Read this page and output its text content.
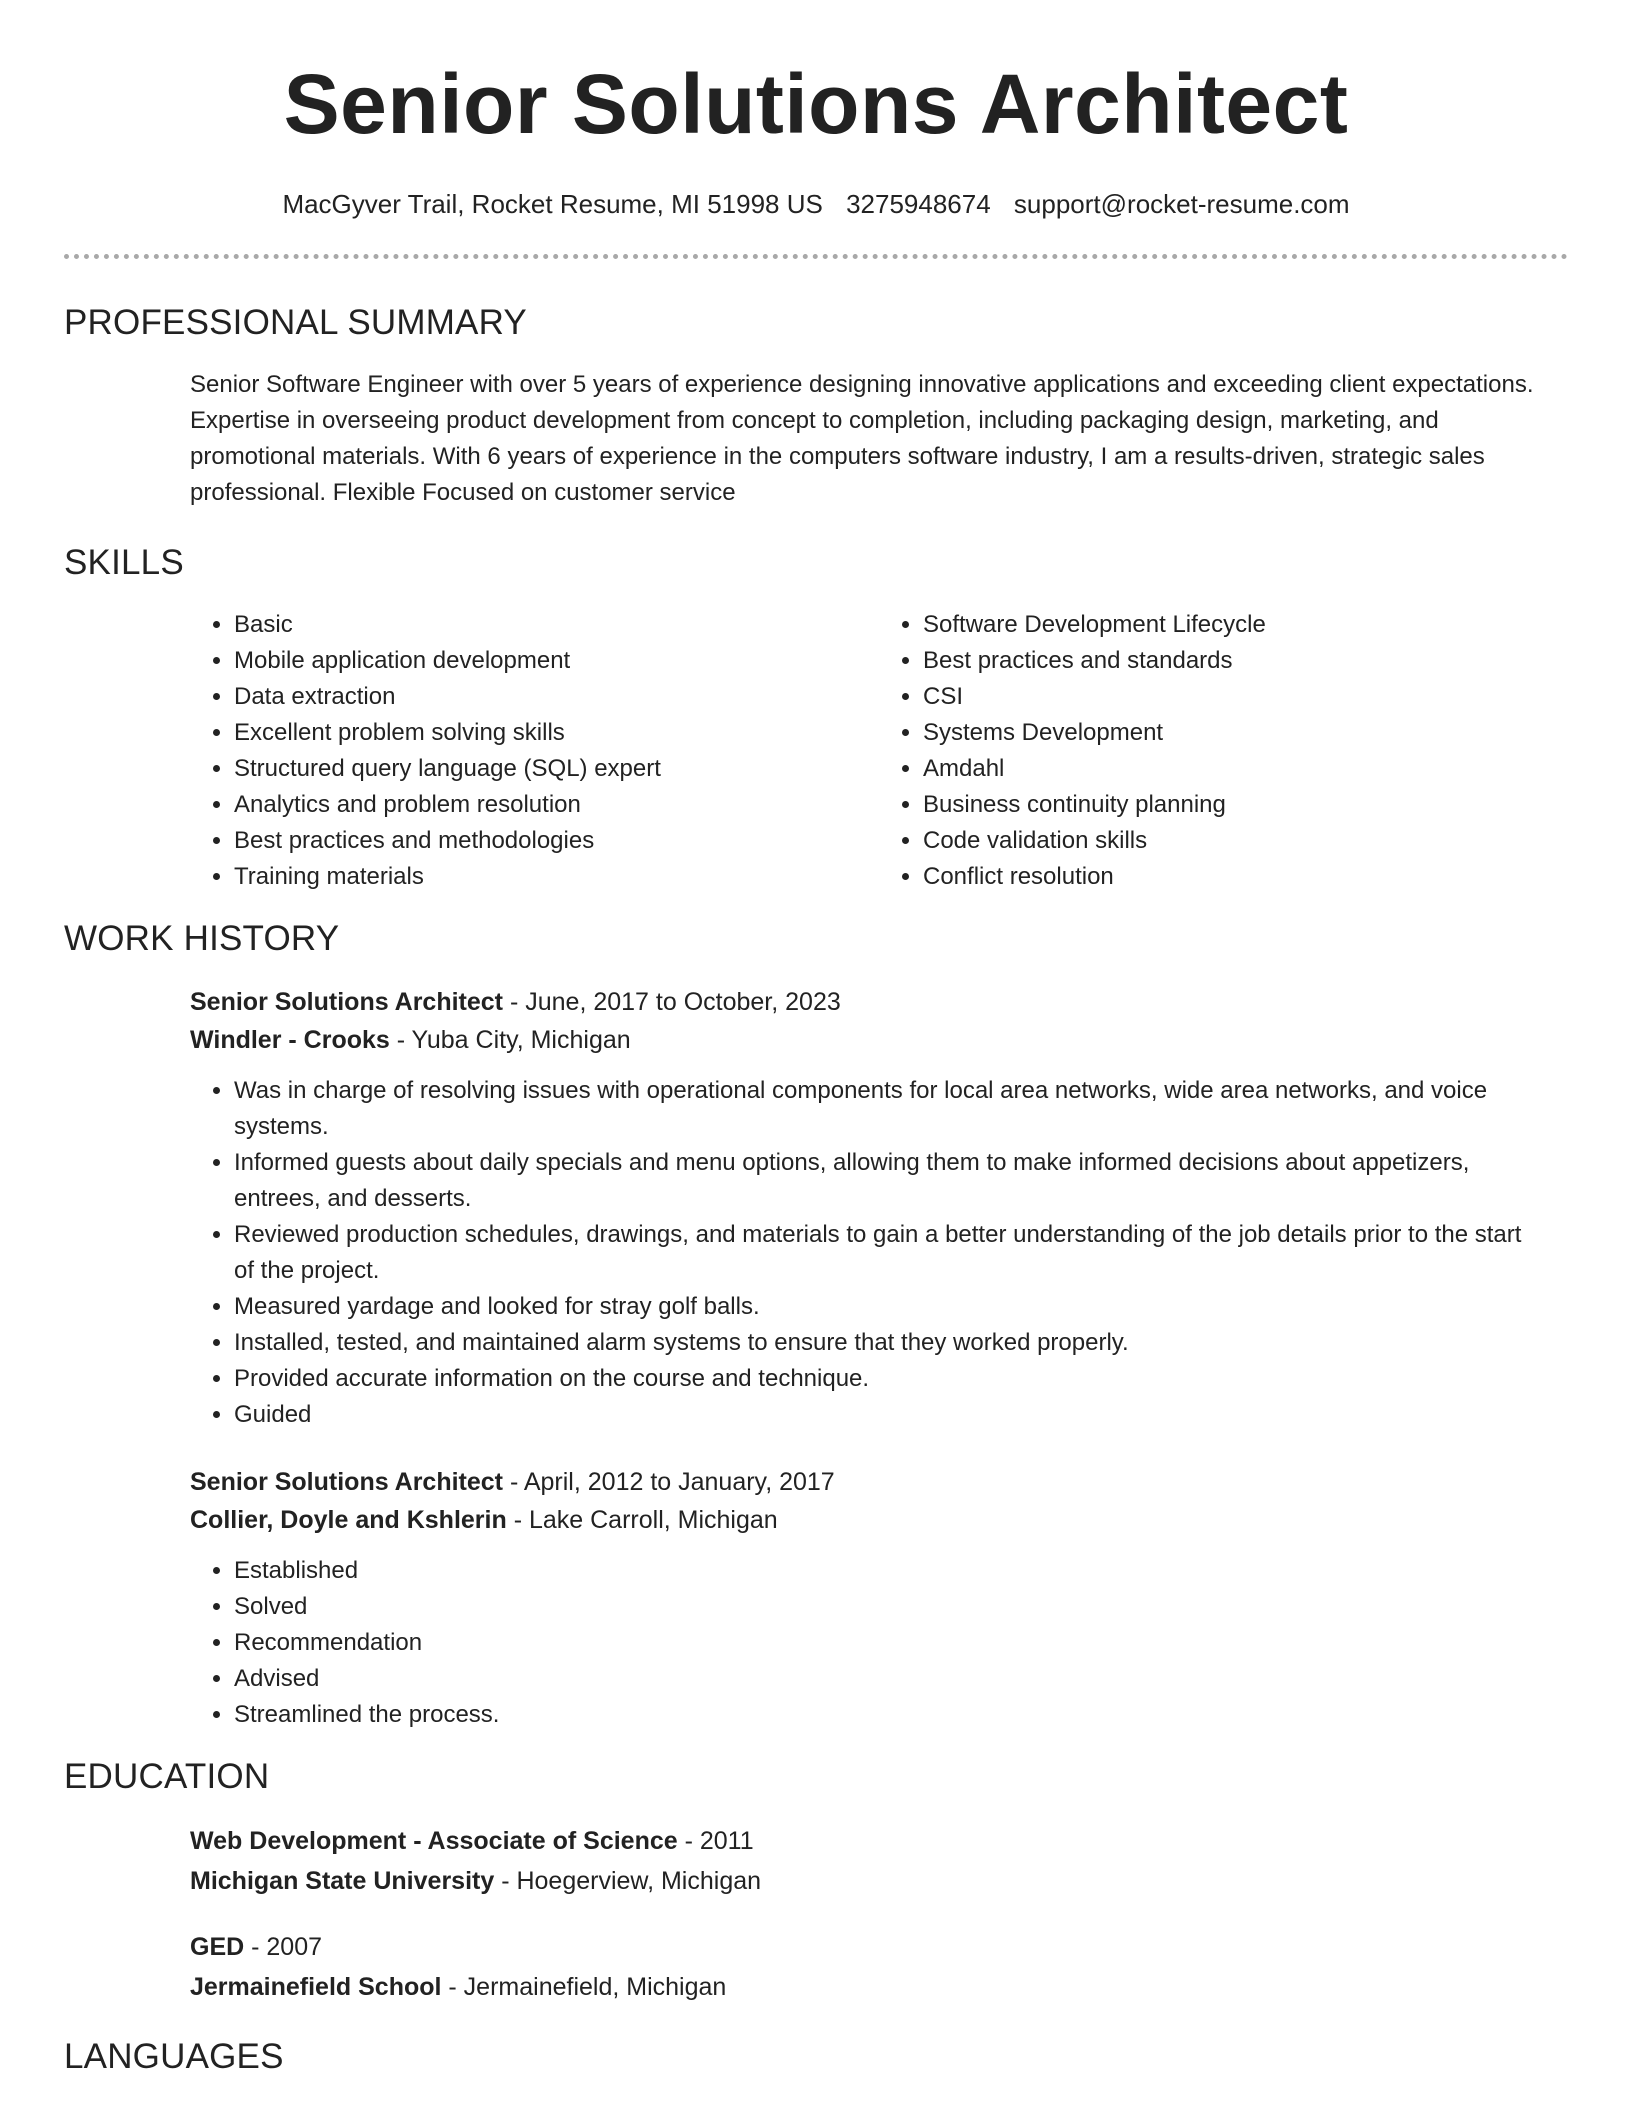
Senior Solutions Architect
MacGyver Trail, Rocket Resume, MI 51998 US 3275948674 support@rocket-resume.com
PROFESSIONAL SUMMARY
Senior Software Engineer with over 5 years of experience designing innovative applications and exceeding client expectations. Expertise in overseeing product development from concept to completion, including packaging design, marketing, and promotional materials. With 6 years of experience in the computers software industry, I am a results-driven, strategic sales professional. Flexible Focused on customer service
SKILLS
• Basic
• Mobile application development
• Data extraction
• Excellent problem solving skills
• Structured query language (SQL) expert
• Analytics and problem resolution
• Best practices and methodologies
• Training materials
• Software Development Lifecycle
• Best practices and standards
• CSI
• Systems Development
• Amdahl
• Business continuity planning
• Code validation skills
• Conflict resolution
WORK HISTORY
Senior Solutions Architect - June, 2017 to October, 2023
Windler - Crooks - Yuba City, Michigan
• Was in charge of resolving issues with operational components for local area networks, wide area networks, and voice systems.
• Informed guests about daily specials and menu options, allowing them to make informed decisions about appetizers, entrees, and desserts.
• Reviewed production schedules, drawings, and materials to gain a better understanding of the job details prior to the start of the project.
• Measured yardage and looked for stray golf balls.
• Installed, tested, and maintained alarm systems to ensure that they worked properly.
• Provided accurate information on the course and technique.
• Guided
Senior Solutions Architect - April, 2012 to January, 2017
Collier, Doyle and Kshlerin - Lake Carroll, Michigan
• Established
• Solved
• Recommendation
• Advised
• Streamlined the process.
EDUCATION
Web Development - Associate of Science - 2011
Michigan State University - Hoegerview, Michigan
GED - 2007
Jermainefield School - Jermainefield, Michigan
LANGUAGES
